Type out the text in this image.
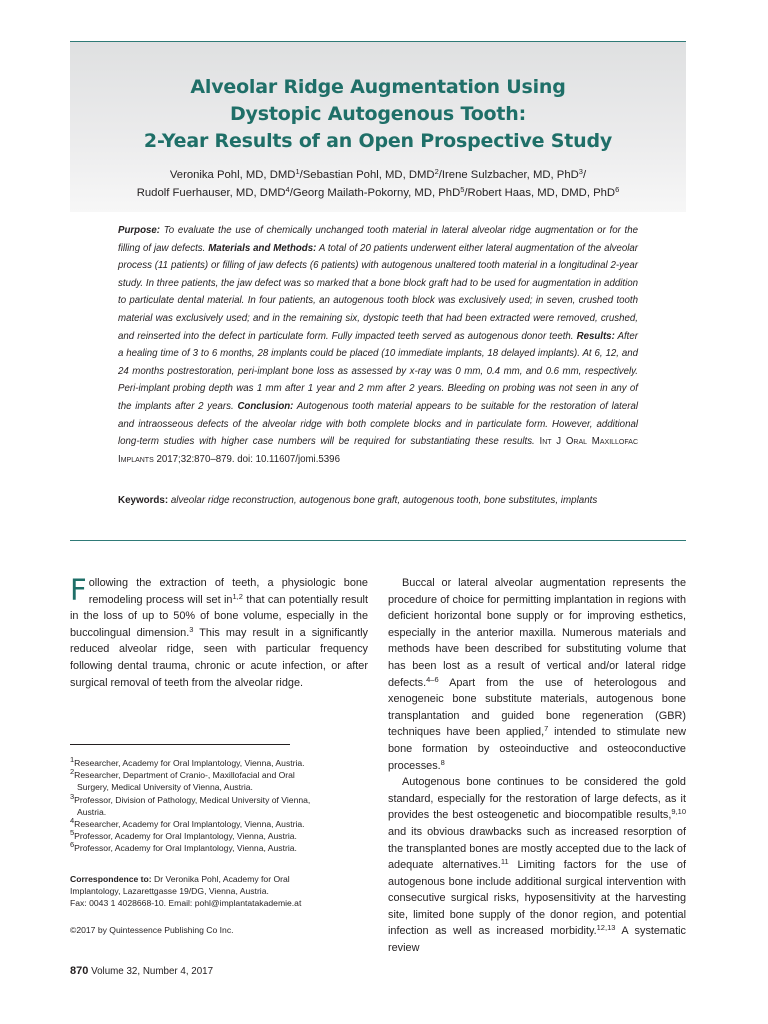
Alveolar Ridge Augmentation Using
Dystopic Autogenous Tooth:
2-Year Results of an Open Prospective Study
Veronika Pohl, MD, DMD$^1$/Sebastian Pohl, MD, DMD$^2$/Irene Sulzbacher, MD, PhD$^3$/
Rudolf Fuerhauser, MD, DMD$^4$/Georg Mailath-Pokorny, MD, PhD$^5$/Robert Haas, MD, DMD, PhD$^6$
Purpose: To evaluate the use of chemically unchanged tooth material in lateral alveolar ridge augmentation or for the filling of jaw defects. Materials and Methods: A total of 20 patients underwent either lateral augmentation of the alveolar process (11 patients) or filling of jaw defects (6 patients) with autogenous unaltered tooth material in a longitudinal 2-year study. In three patients, the jaw defect was so marked that a bone block graft had to be used for augmentation in addition to particulate dental material. In four patients, an autogenous tooth block was exclusively used; in seven, crushed tooth material was exclusively used; and in the remaining six, dystopic teeth that had been extracted were removed, crushed, and reinserted into the defect in particulate form. Fully impacted teeth served as autogenous donor teeth. Results: After a healing time of 3 to 6 months, 28 implants could be placed (10 immediate implants, 18 delayed implants). At 6, 12, and 24 months postrestoration, peri-implant bone loss as assessed by x-ray was 0 mm, 0.4 mm, and 0.6 mm, respectively. Peri-implant probing depth was 1 mm after 1 year and 2 mm after 2 years. Bleeding on probing was not seen in any of the implants after 2 years. Conclusion: Autogenous tooth material appears to be suitable for the restoration of lateral and intraosseous defects of the alveolar ridge with both complete blocks and in particulate form. However, additional long-term studies with higher case numbers will be required for substantiating these results. Int J Oral Maxillofac Implants 2017;32:870–879. doi: 10.11607/jomi.5396
Keywords: alveolar ridge reconstruction, autogenous bone graft, autogenous tooth, bone substitutes, implants
Following the extraction of teeth, a physiologic bone remodeling process will set in$^{1,2}$ that can potentially result in the loss of up to 50% of bone volume, especially in the buccolingual dimension.$^3$ This may result in a significantly reduced alveolar ridge, seen with particular frequency following dental trauma, chronic or acute infection, or after surgical removal of teeth from the alveolar ridge.
$^1$Researcher, Academy for Oral Implantology, Vienna, Austria.
$^2$Researcher, Department of Cranio-, Maxillofacial and Oral
Surgery, Medical University of Vienna, Austria.
$^3$Professor, Division of Pathology, Medical University of Vienna,
Austria.
$^4$Researcher, Academy for Oral Implantology, Vienna, Austria.
$^5$Professor, Academy for Oral Implantology, Vienna, Austria.
$^6$Professor, Academy for Oral Implantology, Vienna, Austria.
Correspondence to: Dr Veronika Pohl, Academy for Oral
Implantology, Lazarettgasse 19/DG, Vienna, Austria.
Fax: 0043 1 4028668-10. Email: pohl@implantatakademie.at
©2017 by Quintessence Publishing Co Inc.
Buccal or lateral alveolar augmentation represents the procedure of choice for permitting implantation in regions with deficient horizontal bone supply or for improving esthetics, especially in the anterior maxilla. Numerous materials and methods have been described for substituting volume that has been lost as a result of vertical and/or lateral ridge defects.$^{4-6}$ Apart from the use of heterologous and xenogeneic bone substitute materials, autogenous bone transplantation and guided bone regeneration (GBR) techniques have been applied,$^7$ intended to stimulate new bone formation by osteoinductive and osteoconductive processes.$^8$
Autogenous bone continues to be considered the gold standard, especially for the restoration of large defects, as it provides the best osteogenetic and biocompatible results,$^{9,10}$ and its obvious drawbacks such as increased resorption of the transplanted bones are mostly accepted due to the lack of adequate alternatives.$^{11}$ Limiting factors for the use of autogenous bone include additional surgical intervention with consecutive surgical risks, hyposensitivity at the harvesting site, limited bone supply of the donor region, and potential infection as well as increased morbidity.$^{12,13}$ A systematic review
870 Volume 32, Number 4, 2017
